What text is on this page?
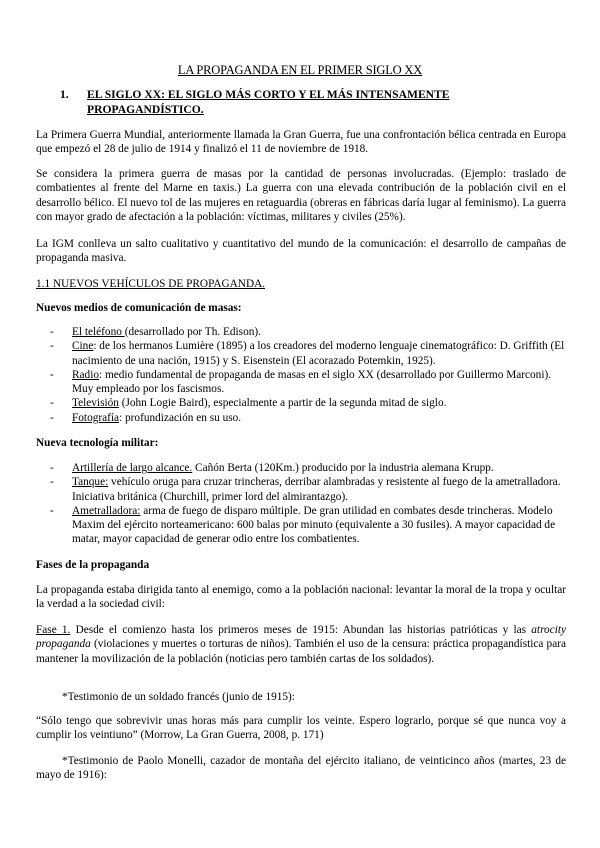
LA PROPAGANDA EN EL PRIMER SIGLO XX
1. EL SIGLO XX: EL SIGLO MÁS CORTO Y EL MÁS INTENSAMENTE PROPAGANDÍSTICO.

La Primera Guerra Mundial, anteriormente llamada la Gran Guerra, fue una confrontación bélica centrada en Europa que empezó el 28 de julio de 1914 y finalizó el 11 de noviembre de 1918.

Se considera la primera guerra de masas por la cantidad de personas involucradas. (Ejemplo: traslado de combatientes al frente del Marne en taxis.) La guerra con una elevada contribución de la población civil en el desarrollo bélico. El nuevo tol de las mujeres en retaguardia (obreras en fábricas daría lugar al feminismo). La guerra con mayor grado de afectación a la población: víctimas, militares y civiles (25%).

La IGM conlleva un salto cualitativo y cuantitativo del mundo de la comunicación: el desarrollo de campañas de propaganda masiva.

1.1 NUEVOS VEHÍCULOS DE PROPAGANDA.
Nuevos medios de comunicación de masas:
- El teléfono (desarrollado por Th. Edison).
- Cine: de los hermanos Lumière (1895) a los creadores del moderno lenguaje cinematográfico: D. Griffith (El nacimiento de una nación, 1915) y S. Eisenstein (El acorazado Potemkin, 1925).
- Radio: medio fundamental de propaganda de masas en el siglo XX (desarrollado por Guillermo Marconi). Muy empleado por los fascismos.
- Televisión (John Logie Baird), especialmente a partir de la segunda mitad de siglo.
- Fotografía: profundización en su uso.
Nueva tecnología militar:
- Artillería de largo alcance. Cañón Berta (120Km.) producido por la industria alemana Krupp.
- Tanque: vehículo oruga para cruzar trincheras, derribar alambradas y resistente al fuego de la ametralladora. Iniciativa británica (Churchill, primer lord del almirantazgo).
- Ametralladora: arma de fuego de disparo múltiple. De gran utilidad en combates desde trincheras. Modelo Maxim del ejército norteamericano: 600 balas por minuto (equivalente a 30 fusiles). A mayor capacidad de matar, mayor capacidad de generar odio entre los combatientes.
Fases de la propaganda

La propaganda estaba dirigida tanto al enemigo, como a la población nacional: levantar la moral de la tropa y ocultar la verdad a la sociedad civil:

Fase 1. Desde el comienzo hasta los primeros meses de 1915: Abundan las historias patrióticas y las atrocity propaganda (violaciones y muertes o torturas de niños). También el uso de la censura: práctica propagandística para mantener la movilización de la población (noticias pero también cartas de los soldados).

*Testimonio de un soldado francés (junio de 1915):

“Sólo tengo que sobrevivir unas horas más para cumplir los veinte. Espero lograrlo, porque sé que nunca voy a cumplir los veintiuno” (Morrow, La Gran Guerra, 2008, p. 171)

*Testimonio de Paolo Monelli, cazador de montaña del ejército italiano, de veinticinco años (martes, 23 de mayo de 1916):
